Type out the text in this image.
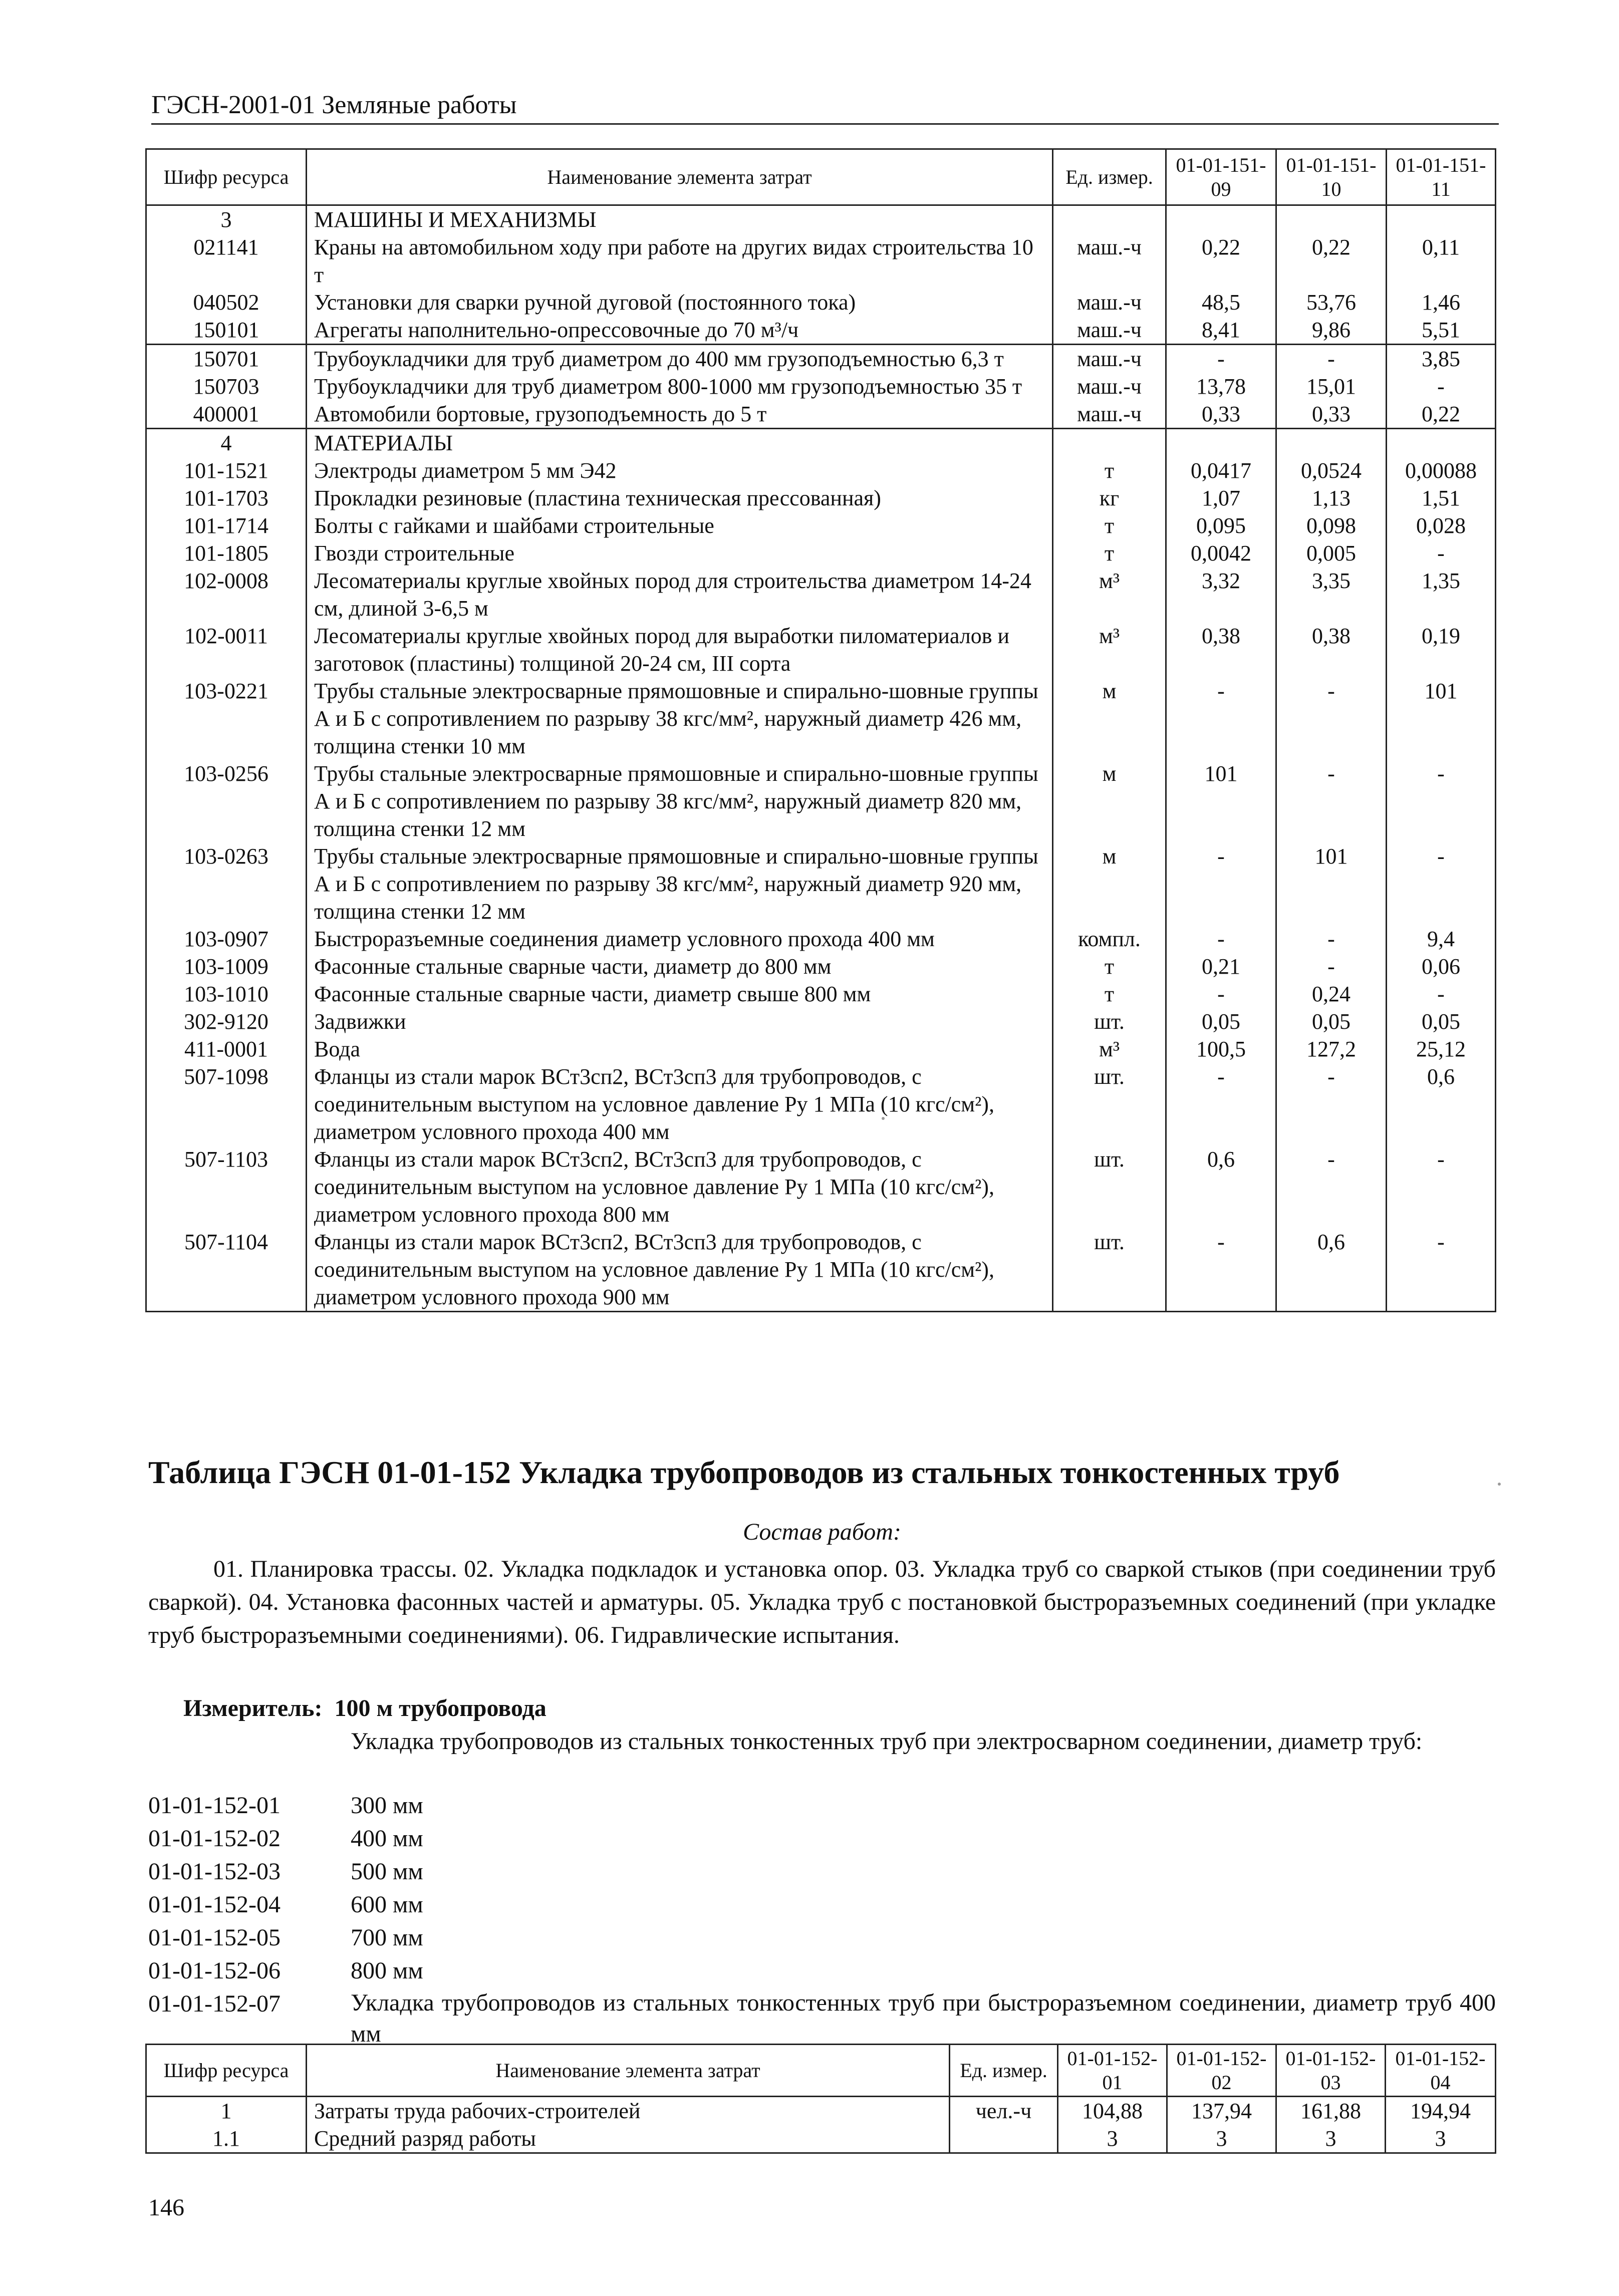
ГЭСН-2001-01 Земляные работы
Шифр ресурса	Наименование элемента затрат	Ед. измер.	01-01-151-09	01-01-151-10	01-01-151-11
3	МАШИНЫ И МЕХАНИЗМЫ				
021141	Краны на автомобильном ходу при работе на других видах строительства 10 т	маш.-ч	0,22	0,22	0,11
040502	Установки для сварки ручной дуговой (постоянного тока)	маш.-ч	48,5	53,76	1,46
150101	Агрегаты наполнительно-опрессовочные до 70 м³/ч	маш.-ч	8,41	9,86	5,51
150701	Трубоукладчики для труб диаметром до 400 мм грузоподъемностью 6,3 т	маш.-ч	-	-	3,85
150703	Трубоукладчики для труб диаметром 800-1000 мм грузоподъемностью 35 т	маш.-ч	13,78	15,01	-
400001	Автомобили бортовые, грузоподъемность до 5 т	маш.-ч	0,33	0,33	0,22
4	МАТЕРИАЛЫ				
101-1521	Электроды диаметром 5 мм Э42	т	0,0417	0,0524	0,00088
101-1703	Прокладки резиновые (пластина техническая прессованная)	кг	1,07	1,13	1,51
101-1714	Болты с гайками и шайбами строительные	т	0,095	0,098	0,028
101-1805	Гвозди строительные	т	0,0042	0,005	-
102-0008	Лесоматериалы круглые хвойных пород для строительства диаметром 14-24 см, длиной 3-6,5 м	м³	3,32	3,35	1,35
102-0011	Лесоматериалы круглые хвойных пород для выработки пиломатериалов и заготовок (пластины) толщиной 20-24 см, III сорта	м³	0,38	0,38	0,19
103-0221	Трубы стальные электросварные прямошовные и спирально-шовные группы А и Б с сопротивлением по разрыву 38 кгс/мм², наружный диаметр 426 мм, толщина стенки 10 мм	м	-	-	101
103-0256	Трубы стальные электросварные прямошовные и спирально-шовные группы А и Б с сопротивлением по разрыву 38 кгс/мм², наружный диаметр 820 мм, толщина стенки 12 мм	м	101	-	-
103-0263	Трубы стальные электросварные прямошовные и спирально-шовные группы А и Б с сопротивлением по разрыву 38 кгс/мм², наружный диаметр 920 мм, толщина стенки 12 мм	м	-	101	-
103-0907	Быстроразъемные соединения диаметр условного прохода 400 мм	компл.	-	-	9,4
103-1009	Фасонные стальные сварные части, диаметр до 800 мм	т	0,21	-	0,06
103-1010	Фасонные стальные сварные части, диаметр свыше 800 мм	т	-	0,24	-
302-9120	Задвижки	шт.	0,05	0,05	0,05
411-0001	Вода	м³	100,5	127,2	25,12
507-1098	Фланцы из стали марок ВСт3сп2, ВСт3сп3 для трубопроводов, с соединительным выступом на условное давление Ру 1 МПа (10 кгс/см²), диаметром условного прохода 400 мм	шт.	-	-	0,6
507-1103	Фланцы из стали марок ВСт3сп2, ВСт3сп3 для трубопроводов, с соединительным выступом на условное давление Ру 1 МПа (10 кгс/см²), диаметром условного прохода 800 мм	шт.	0,6	-	-
507-1104	Фланцы из стали марок ВСт3сп2, ВСт3сп3 для трубопроводов, с соединительным выступом на условное давление Ру 1 МПа (10 кгс/см²), диаметром условного прохода 900 мм	шт.	-	0,6	-
Таблица ГЭСН 01-01-152 Укладка трубопроводов из стальных тонкостенных труб
Состав работ:
01. Планировка трассы. 02. Укладка подкладок и установка опор. 03. Укладка труб со сваркой стыков (при соединении труб сваркой). 04. Установка фасонных частей и арматуры. 05. Укладка труб с постановкой быстроразъемных соединений (при укладке труб быстроразъемными соединениями). 06. Гидравлические испытания.
Измеритель: 100 м трубопровода
Укладка трубопроводов из стальных тонкостенных труб при электросварном соединении, диаметр труб:
01-01-152-01	300 мм
01-01-152-02	400 мм
01-01-152-03	500 мм
01-01-152-04	600 мм
01-01-152-05	700 мм
01-01-152-06	800 мм
01-01-152-07	Укладка трубопроводов из стальных тонкостенных труб при быстроразъемном соединении, диаметр труб 400 мм
Шифр ресурса	Наименование элемента затрат	Ед. измер.	01-01-152-01	01-01-152-02	01-01-152-03	01-01-152-04
1	Затраты труда рабочих-строителей	чел.-ч	104,88	137,94	161,88	194,94
1.1	Средний разряд работы		3	3	3	3
146
